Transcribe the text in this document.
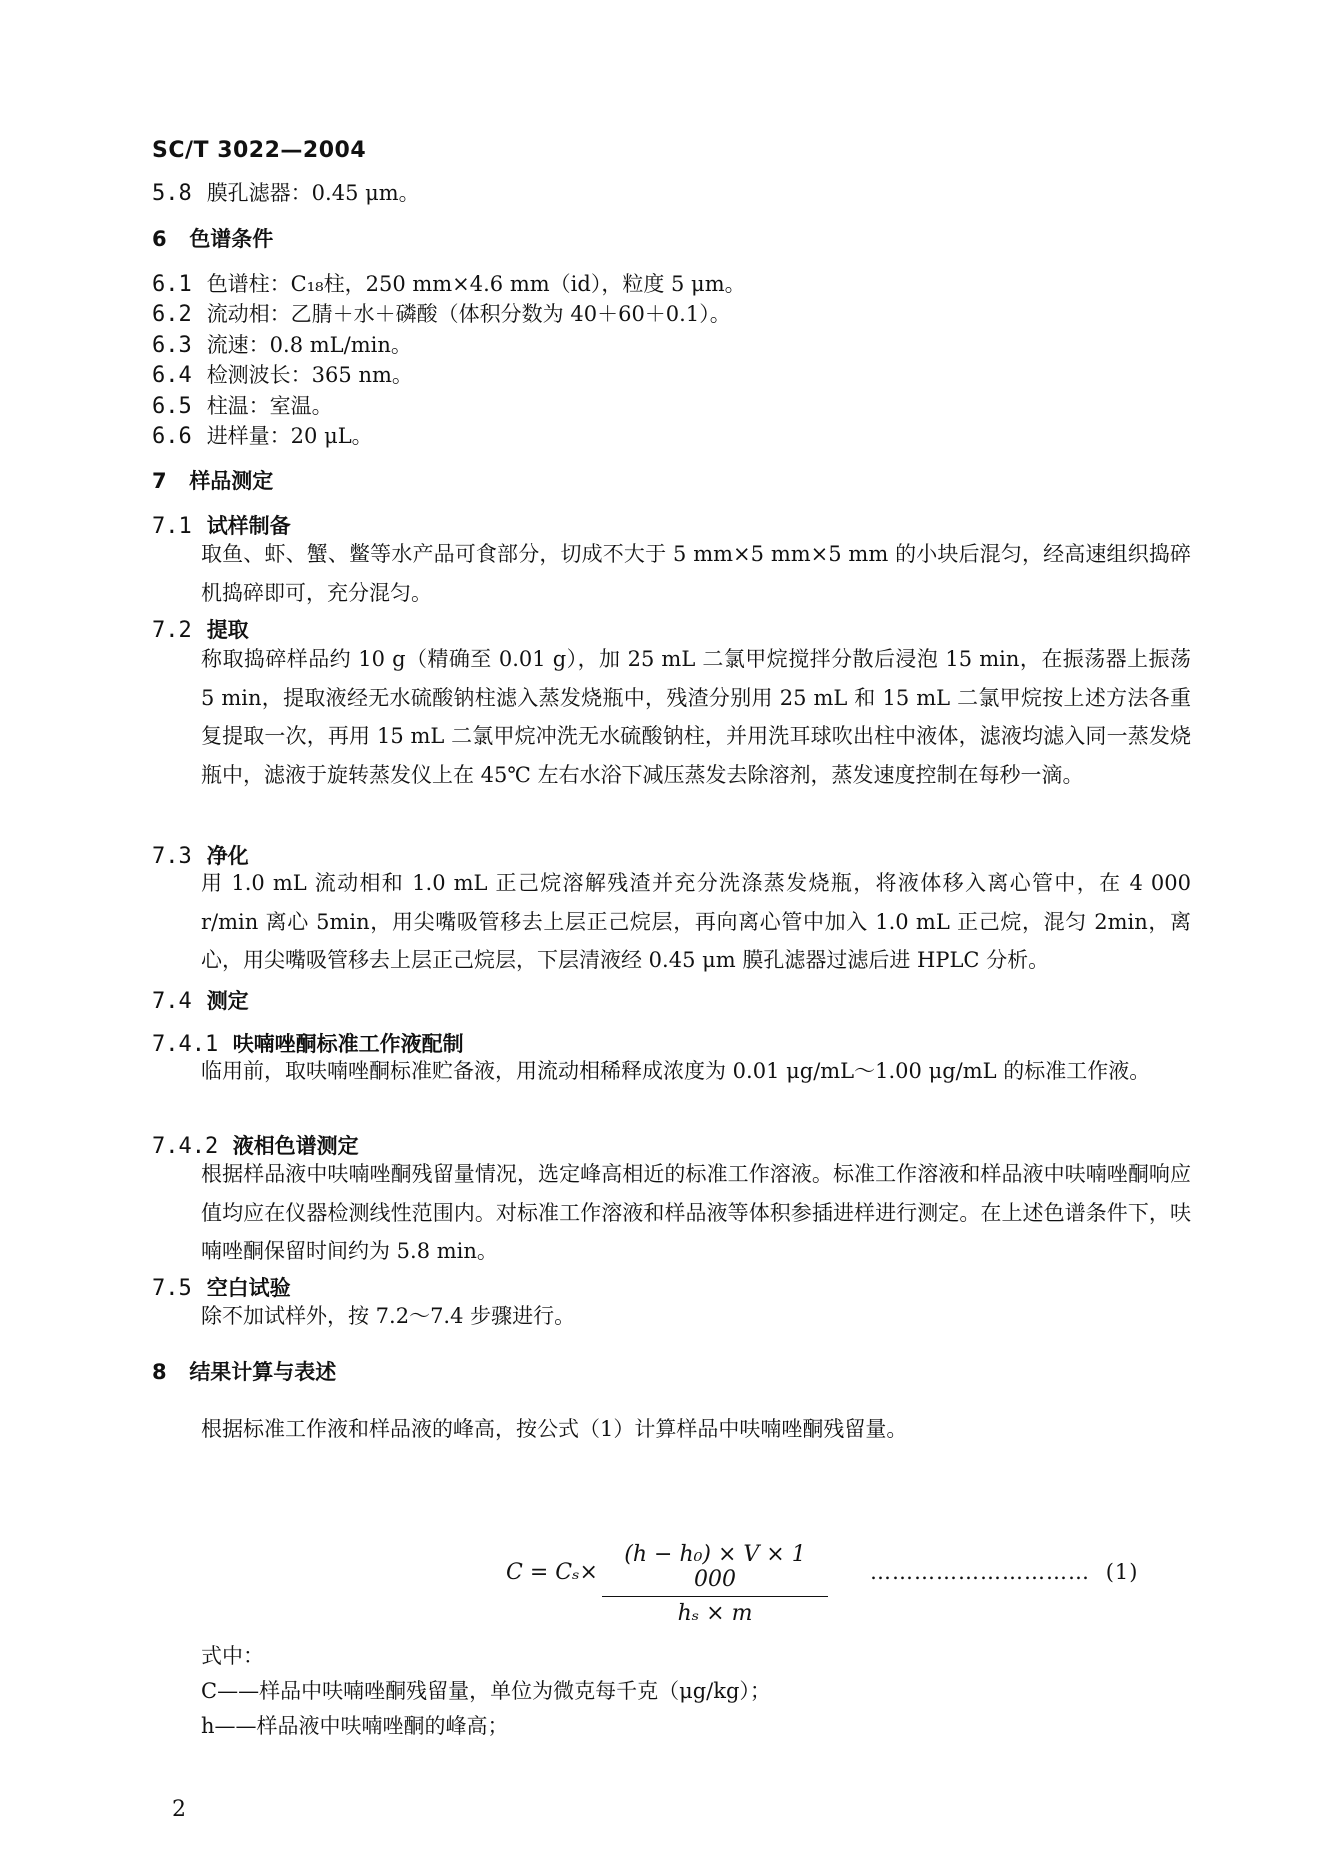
SC/T 3022—2004
5.8 膜孔滤器：0.45 μm。
6 色谱条件
6.1 色谱柱：C₁₈柱，250 mm×4.6 mm（id），粒度 5 μm。
6.2 流动相：乙腈＋水＋磷酸（体积分数为 40＋60＋0.1）。
6.3 流速：0.8 mL/min。
6.4 检测波长：365 nm。
6.5 柱温：室温。
6.6 进样量：20 μL。
7 样品测定
7.1 试样制备
取鱼、虾、蟹、鳖等水产品可食部分，切成不大于 5 mm×5 mm×5 mm 的小块后混匀，经高速组织捣碎机捣碎即可，充分混匀。
7.2 提取
称取捣碎样品约 10 g（精确至 0.01 g），加 25 mL 二氯甲烷搅拌分散后浸泡 15 min，在振荡器上振荡 5 min，提取液经无水硫酸钠柱滤入蒸发烧瓶中，残渣分别用 25 mL 和 15 mL 二氯甲烷按上述方法各重复提取一次，再用 15 mL 二氯甲烷冲洗无水硫酸钠柱，并用洗耳球吹出柱中液体，滤液均滤入同一蒸发烧瓶中，滤液于旋转蒸发仪上在 45℃ 左右水浴下减压蒸发去除溶剂，蒸发速度控制在每秒一滴。
7.3 净化
用 1.0 mL 流动相和 1.0 mL 正己烷溶解残渣并充分洗涤蒸发烧瓶，将液体移入离心管中，在 4 000 r/min 离心 5min，用尖嘴吸管移去上层正己烷层，再向离心管中加入 1.0 mL 正己烷，混匀 2min，离心，用尖嘴吸管移去上层正己烷层，下层清液经 0.45 μm 膜孔滤器过滤后进 HPLC 分析。
7.4 测定
7.4.1 呋喃唑酮标准工作液配制
临用前，取呋喃唑酮标准贮备液，用流动相稀释成浓度为 0.01 μg/mL～1.00 μg/mL 的标准工作液。
7.4.2 液相色谱测定
根据样品液中呋喃唑酮残留量情况，选定峰高相近的标准工作溶液。标准工作溶液和样品液中呋喃唑酮响应值均应在仪器检测线性范围内。对标准工作溶液和样品液等体积参插进样进行测定。在上述色谱条件下，呋喃唑酮保留时间约为 5.8 min。
7.5 空白试验
除不加试样外，按 7.2～7.4 步骤进行。
8 结果计算与表述
根据标准工作液和样品液的峰高，按公式（1）计算样品中呋喃唑酮残留量。
C = Cₛ×
(h − h₀) × V × 1 000
hₛ × m
………………………… (1)
式中：
C——样品中呋喃唑酮残留量，单位为微克每千克（μg/kg）；
h——样品液中呋喃唑酮的峰高；
2
